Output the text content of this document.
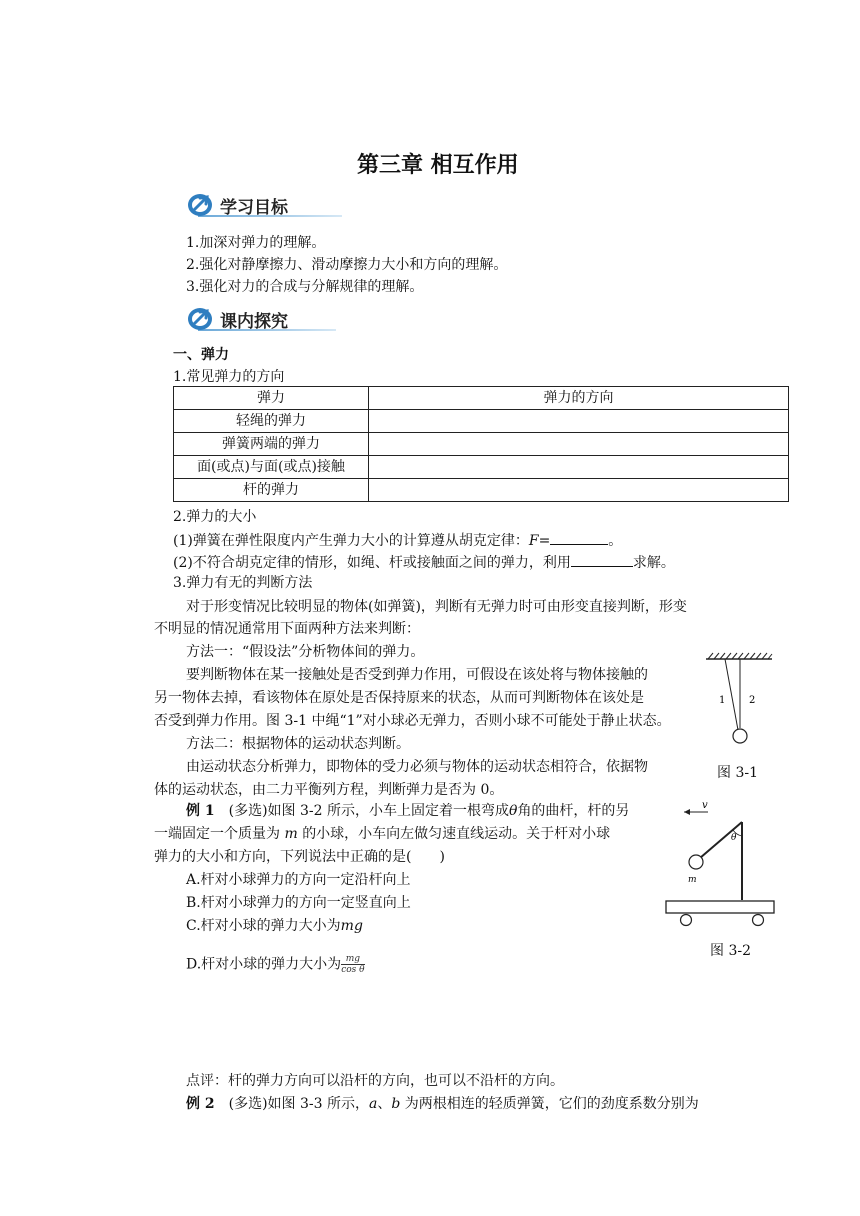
第三章 相互作用
学习目标
1.加深对弹力的理解。
2.强化对静摩擦力、滑动摩擦力大小和方向的理解。
3.强化对力的合成与分解规律的理解。
课内探究
一、弹力
1.常见弹力的方向
弹力	弹力的方向
轻绳的弹力	
弹簧两端的弹力	
面(或点)与面(或点)接触	
杆的弹力	
2.弹力的大小
(1)弹簧在弹性限度内产生弹力大小的计算遵从胡克定律：F=	。
(2)不符合胡克定律的情形，如绳、杆或接触面之间的弹力，利用	求解。
3.弹力有无的判断方法
对于形变情况比较明显的物体(如弹簧)，判断有无弹力时可由形变直接判断，形变
不明显的情况通常用下面两种方法来判断：
方法一：“假设法”分析物体间的弹力。
要判断物体在某一接触处是否受到弹力作用，可假设在该处将与物体接触的
另一物体去掉，看该物体在原处是否保持原来的状态，从而可判断物体在该处是
否受到弹力作用。图 3-1 中绳“1”对小球必无弹力，否则小球不可能处于静止状态。
方法二：根据物体的运动状态判断。
由运动状态分析弹力，即物体的受力必须与物体的运动状态相符合，依据物
体的运动状态，由二力平衡列方程，判断弹力是否为 0。
1 2
图 3-1
例 1　 (多选)如图 3-2 所示，小车上固定着一根弯成θ角的曲杆，杆的另
一端固定一个质量为 m 的小球，小车向左做匀速直线运动。关于杆对小球
弹力的大小和方向，下列说法中正确的是(　　)
A.杆对小球弹力的方向一定沿杆向上
B.杆对小球弹力的方向一定竖直向上
C.杆对小球的弹力大小为mg
D.杆对小球的弹力大小为 $\frac{mg}{\text{cos θ}}$
v
θ
m
图 3-2
点评：杆的弹力方向可以沿杆的方向，也可以不沿杆的方向。
例 2　 (多选)如图 3-3 所示，a、b 为两根相连的轻质弹簧，它们的劲度系数分别为
